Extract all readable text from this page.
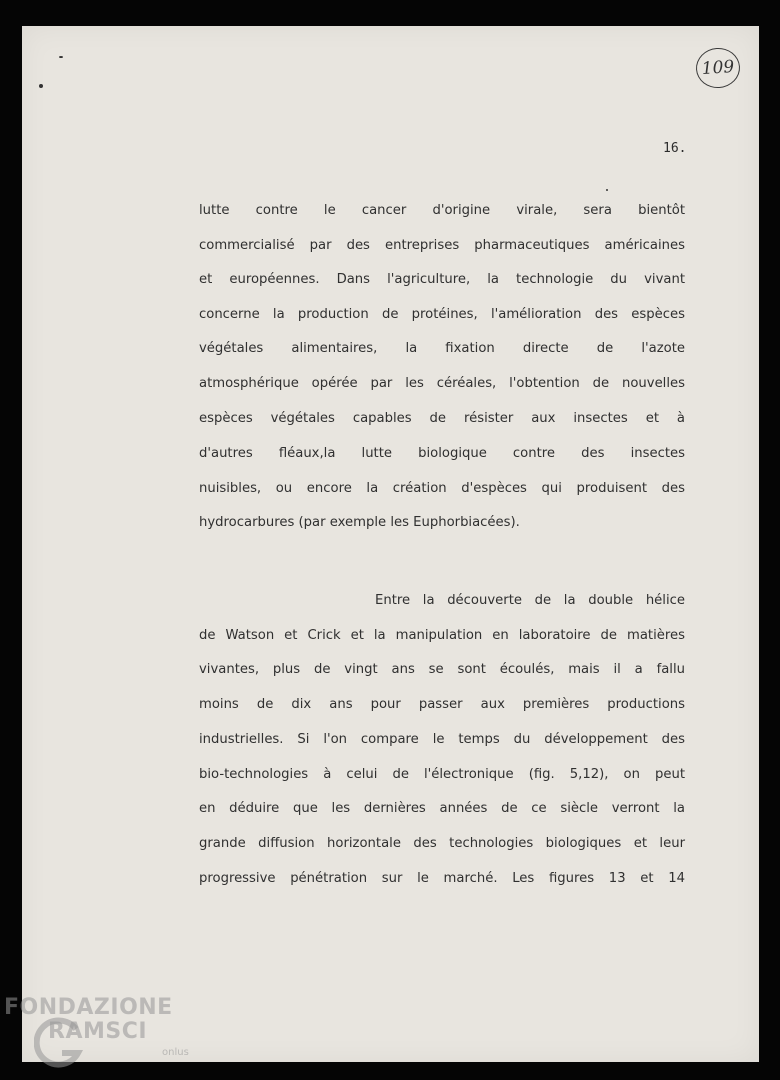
109
16.
lutte contre le cancer d'origine virale, sera bientôt
commercialisé par des entreprises pharmaceutiques américaines
et européennes. Dans l'agriculture, la technologie du vivant
concerne la production de protéines, l'amélioration des espèces
végétales alimentaires, la fixation directe de l'azote
atmosphérique opérée par les céréales, l'obtention de nouvelles
espèces végétales capables de résister aux insectes et à
d'autres fléaux,la lutte biologique contre des insectes
nuisibles, ou encore la création d'espèces qui produisent des
hydrocarbures (par exemple les Euphorbiacées).
Entre la découverte de la double hélice
de Watson et Crick et la manipulation en laboratoire de matières
vivantes, plus de vingt ans se sont écoulés, mais il a fallu
moins de dix ans pour passer aux premières productions
industrielles. Si l'on compare le temps du développement des
bio-technologies à celui de l'électronique (fig. 5,12), on peut
en déduire que les dernières années de ce siècle verront la
grande diffusion horizontale des technologies biologiques et leur
progressive pénétration sur le marché. Les figures 13 et 14
FONDAZIONE
RAMSCI
onlus
